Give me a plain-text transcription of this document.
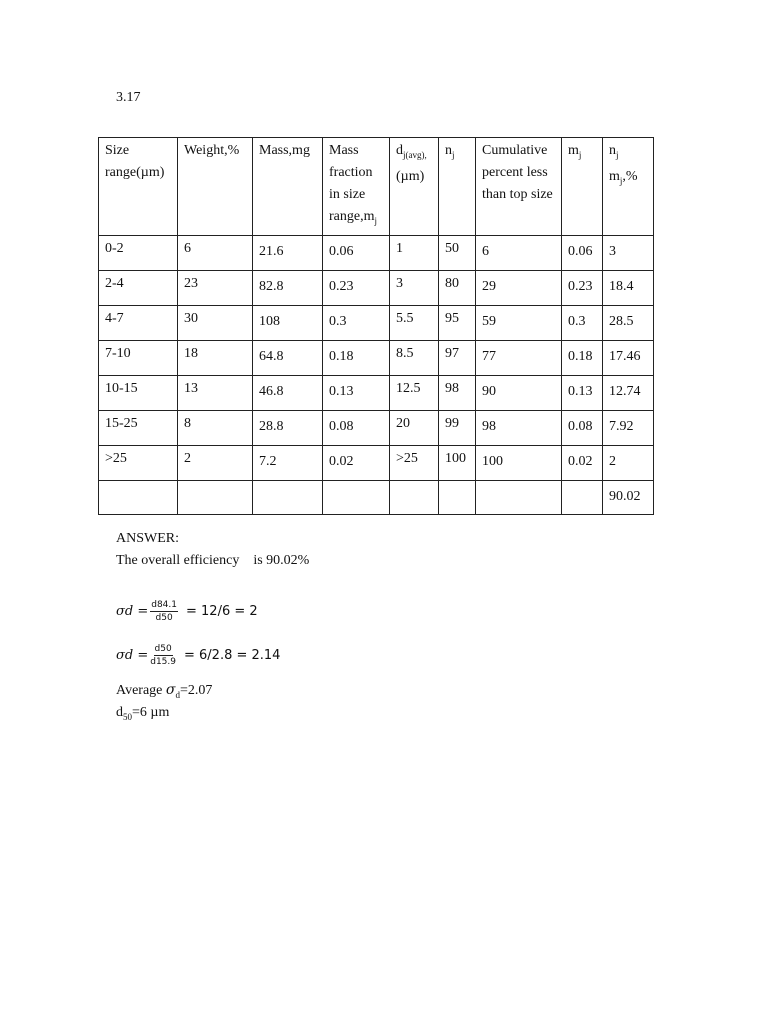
3.17
Size range(µm)	Weight,%	Mass,mg	Mass fraction in size $range,m_j$	$d_{j(avg),}$ (µm)	$n_j$	Cumulative percent less than top size	$m_j$	$n_j$ $m_j,\%$
0-2	6	21.6	0.06	1	50	6	0.06	3
2-4	23	82.8	0.23	3	80	29	0.23	18.4
4-7	30	108	0.3	5.5	95	59	0.3	28.5
7-10	18	64.8	0.18	8.5	97	77	0.18	17.46
10-15	13	46.8	0.13	12.5	98	90	0.13	12.74
15-25	8	28.8	0.08	20	99	98	0.08	7.92
>25	2	7.2	0.02	>25	100	100	0.02	2
								90.02
ANSWER:
The overall efficiency    is 90.02%
$\sigma d = \frac{d84.1}{d50} = 12/6 = 2$
$\sigma d = \frac{d50}{d15.9} = 6/2.8 = 2.14$
Average $\sigma_d=2.07$
$d_{50}=6$ µm
